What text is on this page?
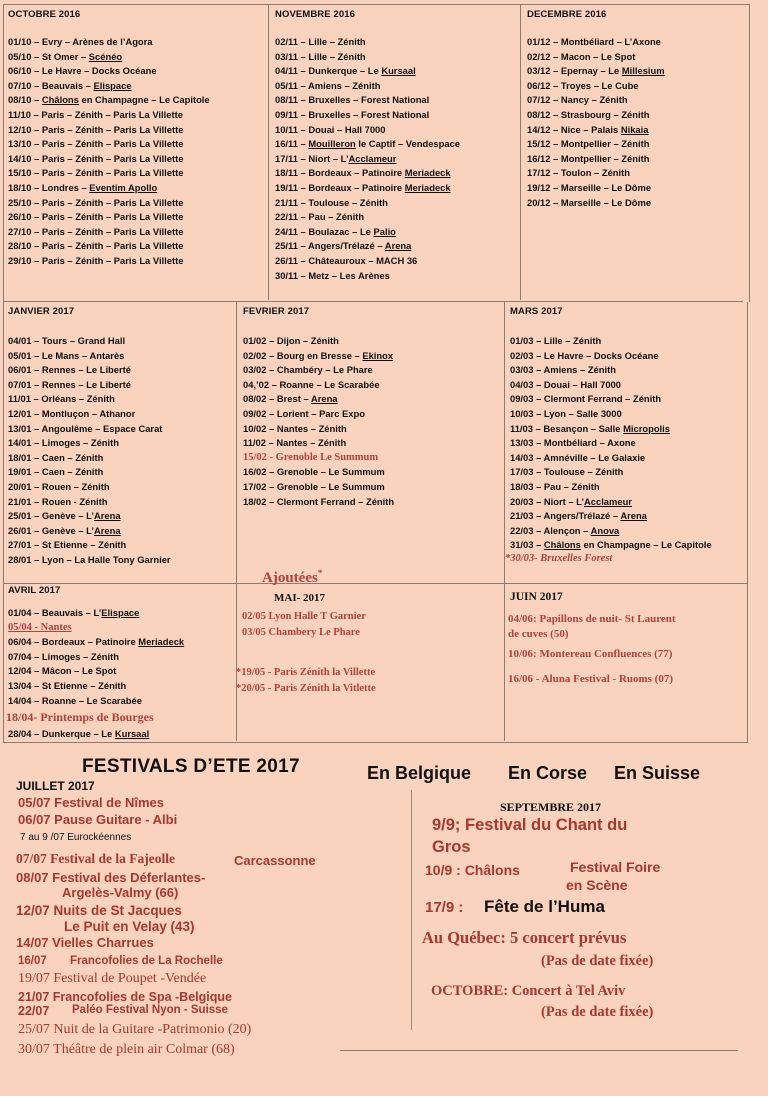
OCTOBRE 2016

01/10 – Evry – Arènes de l’Agora
05/10 – St Omer – Scénéo
06/10 – Le Havre – Docks Océane
07/10 – Beauvais – Elispace
08/10 – Châlons en Champagne – Le Capitole
11/10 – Paris – Zénith – Paris La Villette
12/10 – Paris – Zénith – Paris La Villette
13/10 – Paris – Zénith – Paris La Villette
14/10 – Paris – Zénith – Paris La Villette
15/10 – Paris – Zénith – Paris La Villette
18/10 – Londres – Eventim Apollo
25/10 – Paris – Zénith – Paris La Villette
26/10 – Paris – Zénith – Paris La Villette
27/10 – Paris – Zénith – Paris La Villette
28/10 – Paris – Zénith – Paris La Villette
29/10 – Paris – Zénith – Paris La Villette

NOVEMBRE 2016

02/11 – Lille – Zénith
03/11 – Lille – Zénith
04/11 – Dunkerque – Le Kursaal
05/11 – Amiens – Zénith
08/11 – Bruxelles – Forest National
09/11 – Bruxelles – Forest National
10/11 – Douai – Hall 7000
16/11 – Mouilleron le Captif – Vendespace
17/11 – Niort – L’Acclameur
18/11 – Bordeaux – Patinoire Meriadeck
19/11 – Bordeaux – Patinoire Meriadeck
21/11 – Toulouse – Zénith
22/11 – Pau – Zénith
24/11 – Boulazac – Le Palio
25/11 – Angers/Trélazé – Arena
26/11 – Châteauroux – MACH 36
30/11 – Metz – Les Arènes

DECEMBRE 2016

01/12 – Montbéliard – L’Axone
02/12 – Macon – Le Spot
03/12 – Epernay – Le Millesium
06/12 – Troyes – Le Cube
07/12 – Nancy – Zénith
08/12 – Strasbourg – Zénith
14/12 – Nice – Palais Nikaia
15/12 – Montpellier – Zénith
16/12 – Montpellier – Zénith
17/12 – Toulon – Zénith
19/12 – Marseille – Le Dôme
20/12 – Marseille – Le Dôme

JANVIER 2017

04/01 – Tours – Grand Hall
05/01 – Le Mans – Antarès
06/01 – Rennes – Le Liberté
07/01 – Rennes – Le Liberté
11/01 – Orléans – Zénith
12/01 – Montluçon – Athanor
13/01 – Angoulême – Espace Carat
14/01 – Limoges – Zénith
18/01 – Caen – Zénith
19/01 – Caen – Zénith
20/01 – Rouen – Zénith
21/01 – Rouen - Zénith
25/01 – Genève – L’Arena
26/01 – Genève – L’Arena
27/01 – St Etienne – Zénith
28/01 – Lyon – La Halle Tony Garnier

FEVRIER 2017

01/02 – Dijon – Zénith
02/02 – Bourg en Bresse – Ekinox
03/02 – Chambéry – Le Phare
04,’02 – Roanne – Le Scarabée
08/02 – Brest – Arena
09/02 – Lorient – Parc Expo
10/02 – Nantes – Zénith
11/02 – Nantes – Zénith
15/02 - Grenoble Le Summum
16/02 – Grenoble – Le Summum
17/02 – Grenoble – Le Summum
18/02 – Clermont Ferrand – Zénith

MARS 2017

01/03 – Lille – Zénith
02/03 – Le Havre – Docks Océane
03/03 – Amiens – Zénith
04/03 – Douai – Hall 7000
09/03 – Clermont Ferrand – Zénith
10/03 – Lyon – Salle 3000
11/03 – Besançon – Salle Micropolis
13/03 – Montbéliard – Axone
14/03 – Amnéville – Le Galaxie
17/03 – Toulouse – Zénith
18/03 – Pau – Zénith
20/03 – Niort – L’Acclameur
21/03 – Angers/Trélazé – Arena
22/03 – Alençon – Anova
31/03 – Châlons en Champagne – Le Capitole
*30/03- Bruxelles Forest

AVRIL 2017

01/04 – Beauvais – L’Elispace
05/04 - Nantes
06/04 – Bordeaux – Patinoire Meriadeck
07/04 – Limoges – Zénith
12/04 – Mâcon – Le Spot
13/04 – St Etienne – Zénith
14/04 – Roanne – Le Scarabée
18/04- Printemps de Bourges
28/04 – Dunkerque – Le Kursaal
Ajoutées*

MAI- 2017

02/05 Lyon Halle T Garnier
03/05 Chambery Le Phare
*19/05 - Paris Zénith la Villette
*20/05 - Paris Zénith la Vitlette

JUIN 2017

04/06: Papillons de nuit- St Laurent
de cuves (50)
10/06: Montereau Confluences (77)
16/06 - Aluna Festival - Ruoms (07)
FESTIVALS D’ETE 2017	En Belgique En Corse En Suisse
JUILLET 2017
05/07 Festival de Nîmes
06/07 Pause Guitare - Albi
7 au 9 /07 Eurockéennes
07/07 Festival de la Fajeolle	Carcassonne
08/07 Festival des Déferlantes-
Argelès-Valmy (66)
12/07 Nuits de St Jacques
Le Puit en Velay (43)
14/07 Vielles Charrues
16/07 Francofolies de La Rochelle
19/07 Festival de Poupet -Vendée
21/07 Francofolies de Spa -Belgique
22/07 Paléo Festival Nyon - Suisse
25/07 Nuit de la Guitare -Patrimonio (20)
30/07 Théâtre de plein air Colmar (68)
SEPTEMBRE 2017
9/9; Festival du Chant du
Gros
10/9 : Châlons	Festival Foire
en Scène
17/9 : Fête de l’Huma
Au Québec: 5 concert prévus
(Pas de date fixée)
OCTOBRE: Concert à Tel Aviv
(Pas de date fixée)
